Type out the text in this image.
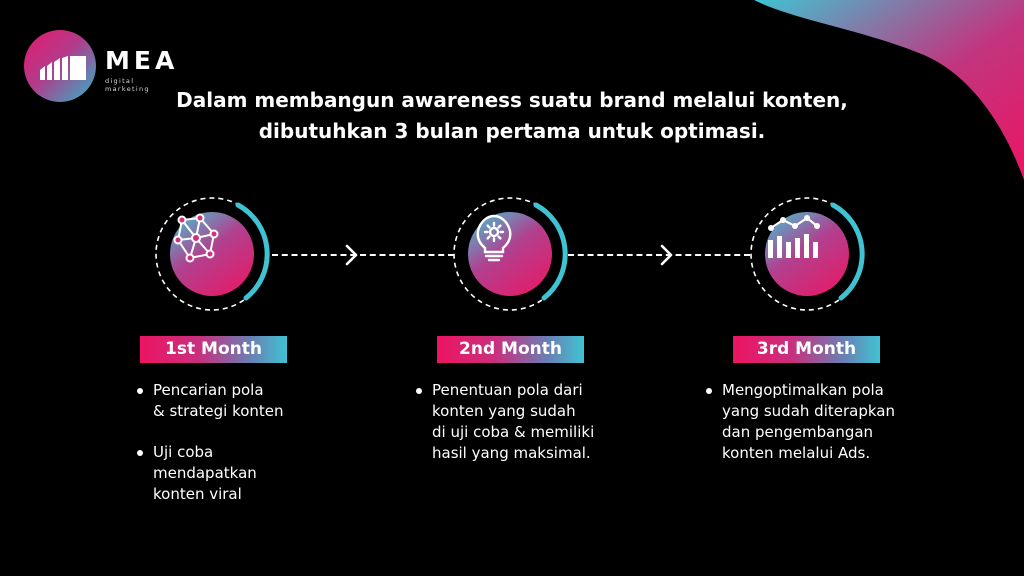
MEA
digital marketing	Dalam membangun awareness suatu brand melalui konten,
dibutuhkan 3 bulan pertama untuk optimasi.
1st Month	2nd Month	3rd Month
Pencarian pola
& strategi konten
Uji coba
mendapatkan
konten viral
Penentuan pola dari
konten yang sudah
di uji coba & memiliki
hasil yang maksimal.
Mengoptimalkan pola
yang sudah diterapkan
dan pengembangan
konten melalui Ads.
